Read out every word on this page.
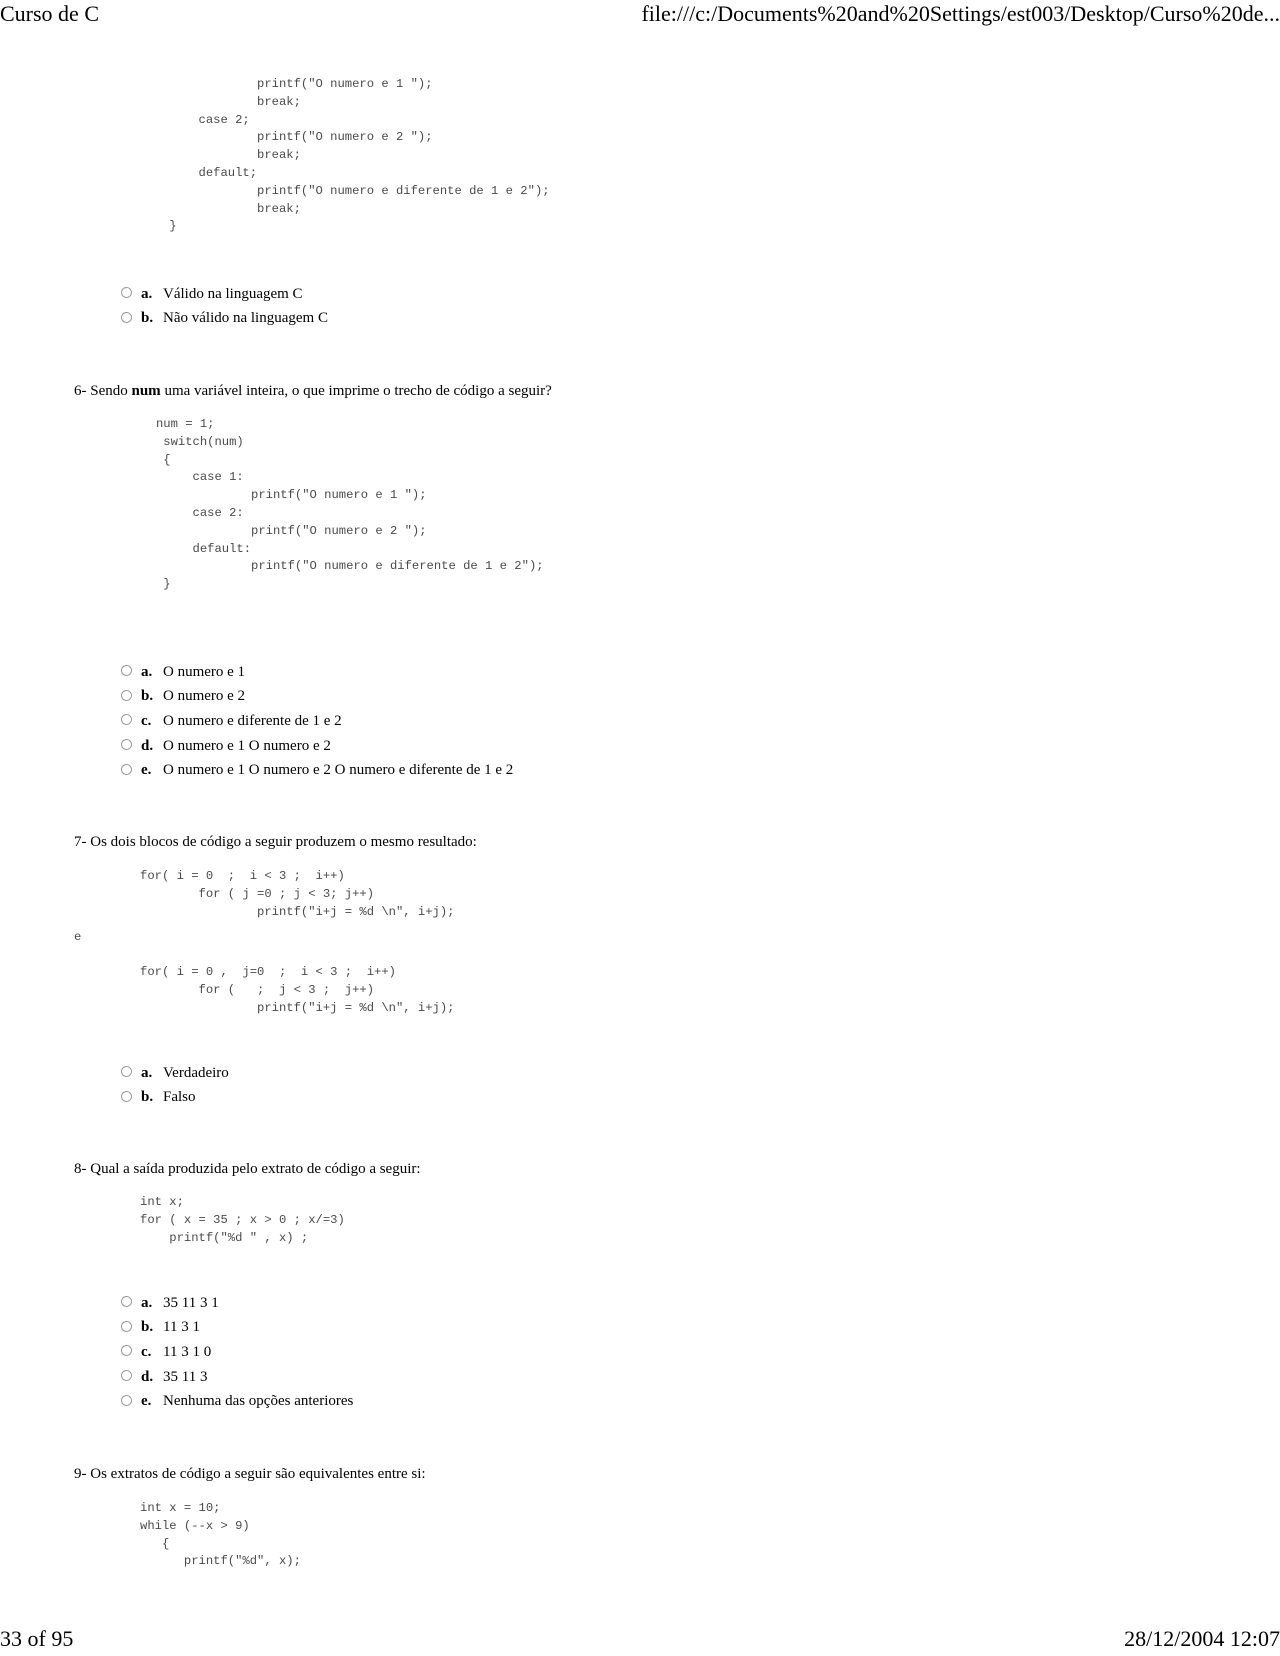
Curso de C	file:///c:/Documents%20and%20Settings/est003/Desktop/Curso%20de...
printf("O numero e 1 ");
break;
case 2;
printf("O numero e 2 ");
break;
default;
printf("O numero e diferente de 1 e 2");
break;
}
a. Válido na linguagem C
b. Não válido na linguagem C
6- Sendo num uma variável inteira, o que imprime o trecho de código a seguir?
num = 1;
switch(num)
{
case 1:
printf("O numero e 1 ");
case 2:
printf("O numero e 2 ");
default:
printf("O numero e diferente de 1 e 2");
}
a. O numero e 1
b. O numero e 2
c. O numero e diferente de 1 e 2
d. O numero e 1 O numero e 2
e. O numero e 1 O numero e 2 O numero e diferente de 1 e 2
7- Os dois blocos de código a seguir produzem o mesmo resultado:
for( i = 0  ;  i < 3 ;  i++)
for ( j =0 ; j < 3; j++)
printf("i+j = %d \n", i+j);
e
for( i = 0 ,  j=0  ;  i < 3 ;  i++)
for (   ;  j < 3 ;  j++)
printf("i+j = %d \n", i+j);
a. Verdadeiro
b. Falso
8- Qual a saída produzida pelo extrato de código a seguir:
int x;
for ( x = 35 ; x > 0 ; x/=3)
printf("%d " , x) ;
a. 35 11 3 1
b. 11 3 1
c. 11 3 1 0
d. 35 11 3
e. Nenhuma das opções anteriores
9- Os extratos de código a seguir são equivalentes entre si:
int x = 10;
while (--x > 9)
{
printf("%d", x);
33 of 95	28/12/2004 12:07
